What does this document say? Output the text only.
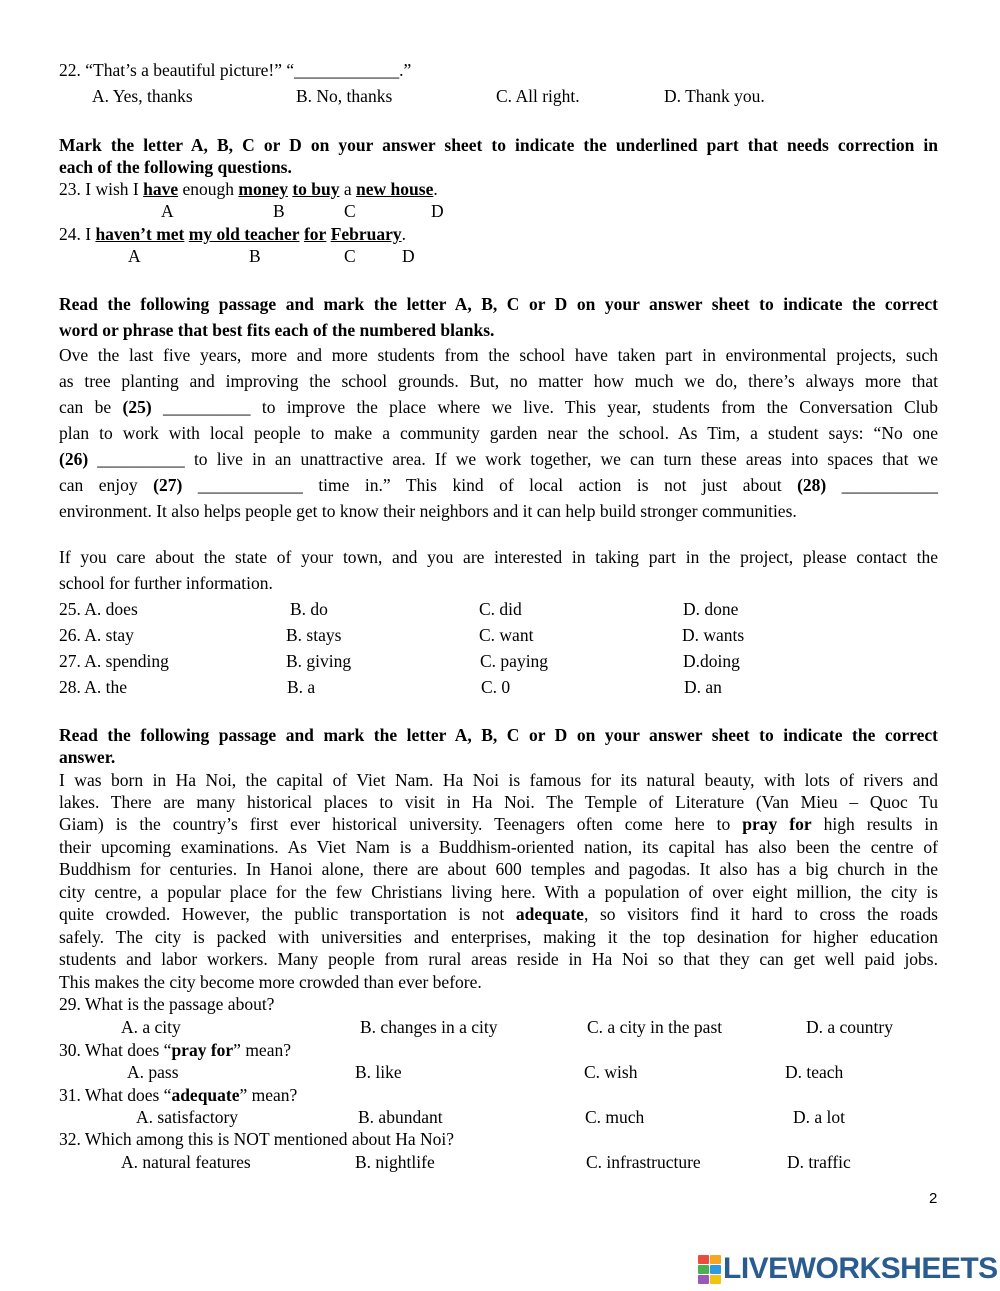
22. “That’s a beautiful picture!” “____________.”
A. Yes, thanks	B. No, thanks	C. All right.	D. Thank you.
Mark the letter A, B, C or D on your answer sheet to indicate the underlined part that needs correction in
each of the following questions.
23. I wish I have enough money to buy a new house.
A	B	C	D
24. I haven’t met my old teacher for February.
A	B	C	D
Read the following passage and mark the letter A, B, C or D on your answer sheet to indicate the correct
word or phrase that best fits each of the numbered blanks.
Ove the last five years, more and more students from the school have taken part in environmental projects, such
as tree planting and improving the school grounds. But, no matter how much we do, there’s always more that
can be (25) __________ to improve the place where we live. This year, students from the Conversation Club
plan to work with local people to make a community garden near the school. As Tim, a student says: “No one
(26) __________ to live in an unattractive area. If we work together, we can turn these areas into spaces that we
can enjoy (27) ____________ time in.” This kind of local action is not just about (28) ___________
environment. It also helps people get to know their neighbors and it can help build stronger communities.
If you care about the state of your town, and you are interested in taking part in the project, please contact the
school for further information.
25. A. does	B. do	C. did	D. done
26. A. stay	B. stays	C. want	D. wants
27. A. spending	B. giving	C. paying	D.doing
28. A. the	B. a	C. 0	D. an
Read the following passage and mark the letter A, B, C or D on your answer sheet to indicate the correct
answer.
I was born in Ha Noi, the capital of Viet Nam. Ha Noi is famous for its natural beauty, with lots of rivers and
lakes. There are many historical places to visit in Ha Noi. The Temple of Literature (Van Mieu – Quoc Tu
Giam) is the country’s first ever historical university. Teenagers often come here to pray for high results in
their upcoming examinations. As Viet Nam is a Buddhism-oriented nation, its capital has also been the centre of
Buddhism for centuries. In Hanoi alone, there are about 600 temples and pagodas. It also has a big church in the
city centre, a popular place for the few Christians living here. With a population of over eight million, the city is
quite crowded. However, the public transportation is not adequate, so visitors find it hard to cross the roads
safely. The city is packed with universities and enterprises, making it the top desination for higher education
students and labor workers. Many people from rural areas reside in Ha Noi so that they can get well paid jobs.
This makes the city become more crowded than ever before.
29. What is the passage about?
A. a city	B. changes in a city	C. a city in the past	D. a country
30. What does “pray for” mean?
A. pass	B. like	C. wish	D. teach
31. What does “adequate” mean?
A. satisfactory	B. abundant	C. much	D. a lot
32. Which among this is NOT mentioned about Ha Noi?
A. natural features	B. nightlife	C. infrastructure	D. traffic
2
LIVEWORKSHEETS
